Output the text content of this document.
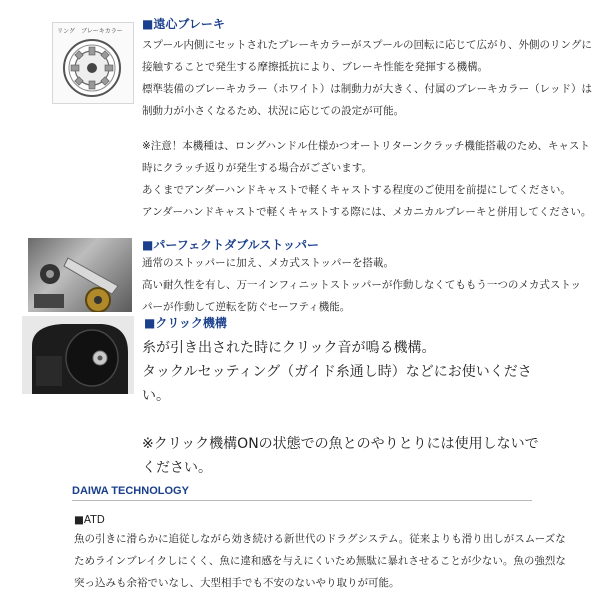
リング ブレーキカラー
■遠心ブレーキ

スプール内側にセットされたブレーキカラーがスプールの回転に応じて広がり、外側のリングに

接触することで発生する摩擦抵抗により、ブレーキ性能を発揮する機構。

標準装備のブレーキカラー（ホワイト）は制動力が大きく、付属のブレーキカラー（レッド）は

制動力が小さくなるため、状況に応じての設定が可能。

※注意！本機種は、ロングハンドル仕様かつオートリターンクラッチ機能搭載のため、キャスト

時にクラッチ返りが発生する場合がございます。

あくまでアンダーハンドキャストで軽くキャストする程度のご使用を前提にしてください。

アンダーハンドキャストで軽くキャストする際には、メカニカルブレーキと併用してください。

■パーフェクトダブルストッパー

通常のストッパーに加え、メカ式ストッパーを搭載。

高い耐久性を有し、万一インフィニットストッパーが作動しなくてももう一つのメカ式ストッ

パーが作動して逆転を防ぐセーフティ機能。

■クリック機構

糸が引き出された時にクリック音が鳴る機構。

タックルセッティング（ガイド糸通し時）などにお使いくださ

い。

※クリック機構ONの状態での魚とのやりとりには使用しないで

ください。

DAIWA TECHNOLOGY
■ATD

魚の引きに滑らかに追従しながら効き続ける新世代のドラグシステム。従来よりも滑り出しがスムーズな

ためラインブレイクしにくく、魚に違和感を与えにくいため無駄に暴れさせることが少ない。魚の強烈な

突っ込みも余裕でいなし、大型相手でも不安のないやり取りが可能。
